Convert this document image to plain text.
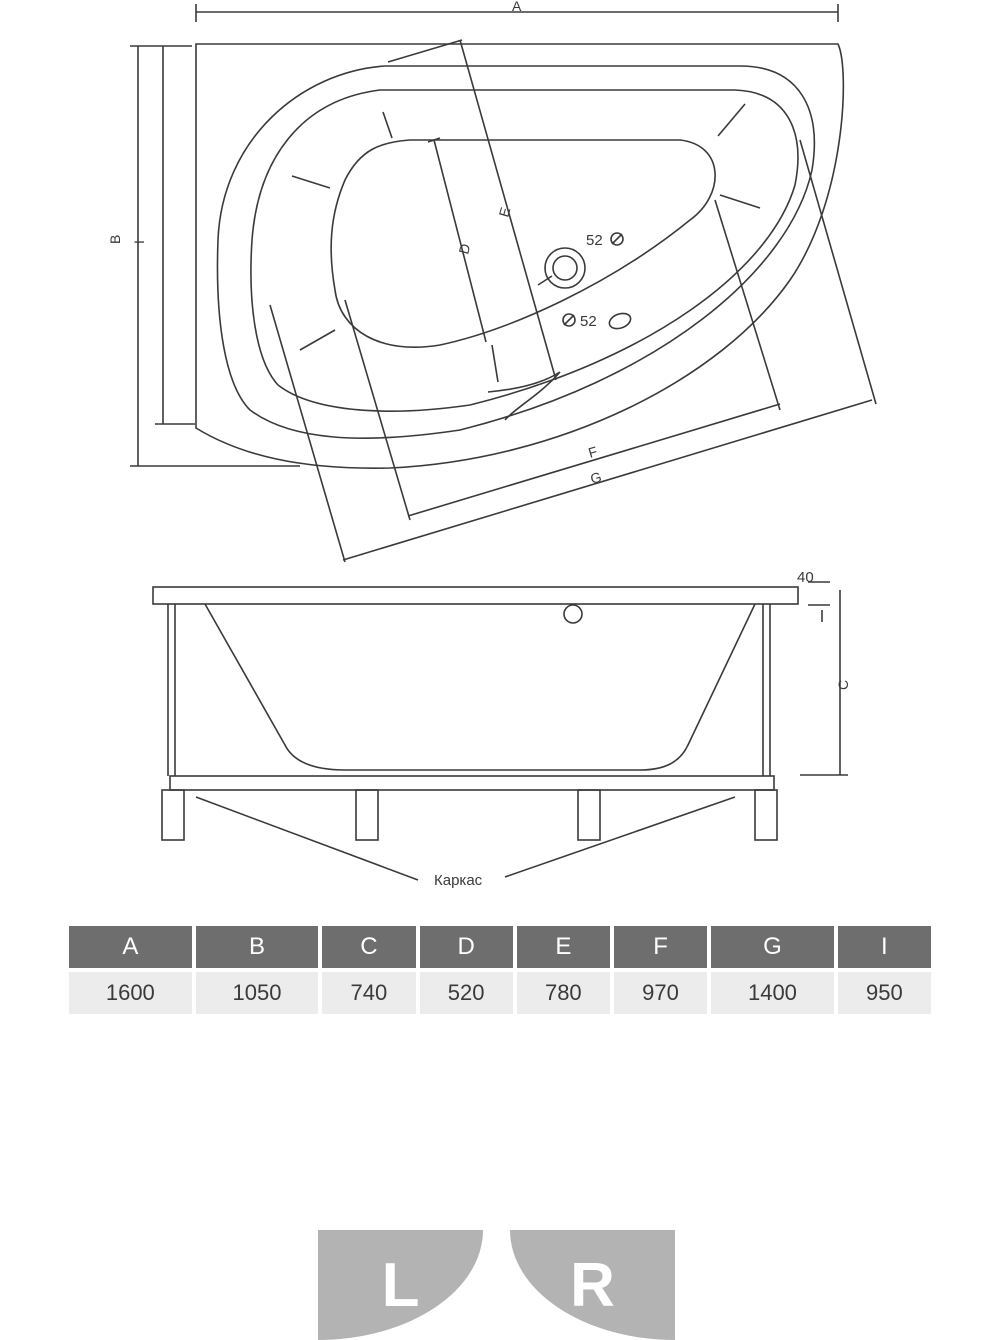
A
B I	D
E
F
G
C
52
52
40
Каркас
A	B	C	D	E	F	G	I
1600	1050	740	520	780	970	1400	950
L	R
